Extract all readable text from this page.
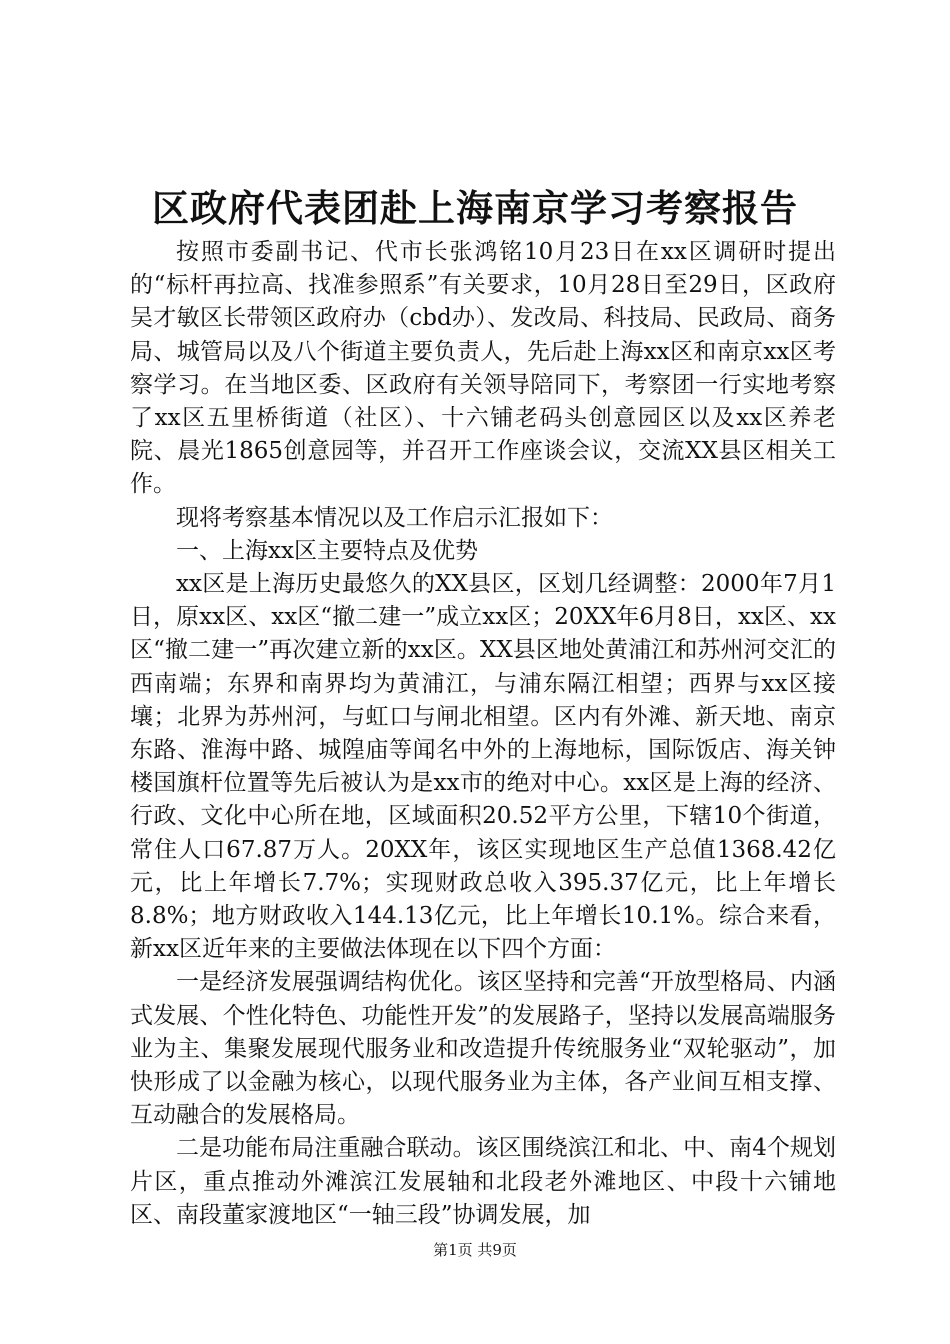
区政府代表团赴上海南京学习考察报告

按照市委副书记、代市长张鸿铭10月23日在xx区调研时提出的“标杆再拉高、找准参照系”有关要求，10月28日至29日，区政府吴才敏区长带领区政府办（cbd办）、发改局、科技局、民政局、商务局、城管局以及八个街道主要负责人，先后赴上海xx区和南京xx区考察学习。在当地区委、区政府有关领导陪同下，考察团一行实地考察了xx区五里桥街道（社区）、十六铺老码头创意园区以及xx区养老院、晨光1865创意园等，并召开工作座谈会议，交流XX县区相关工作。

现将考察基本情况以及工作启示汇报如下：

一、上海xx区主要特点及优势

xx区是上海历史最悠久的XX县区，区划几经调整：2000年7月1日，原xx区、xx区“撤二建一”成立xx区；20XX年6月8日，xx区、xx区“撤二建一”再次建立新的xx区。XX县区地处黄浦江和苏州河交汇的西南端；东界和南界均为黄浦江，与浦东隔江相望；西界与xx区接壤；北界为苏州河，与虹口与闸北相望。区内有外滩、新天地、南京东路、淮海中路、城隍庙等闻名中外的上海地标，国际饭店、海关钟楼国旗杆位置等先后被认为是xx市的绝对中心。xx区是上海的经济、行政、文化中心所在地，区域面积20.52平方公里，下辖10个街道，常住人口67.87万人。20XX年，该区实现地区生产总值1368.42亿元，比上年增长7.7%；实现财政总收入395.37亿元，比上年增长8.8%；地方财政收入144.13亿元，比上年增长10.1%。综合来看，新xx区近年来的主要做法体现在以下四个方面：

一是经济发展强调结构优化。该区坚持和完善“开放型格局、内涵式发展、个性化特色、功能性开发”的发展路子，坚持以发展高端服务业为主、集聚发展现代服务业和改造提升传统服务业“双轮驱动”，加快形成了以金融为核心，以现代服务业为主体，各产业间互相支撑、互动融合的发展格局。

二是功能布局注重融合联动。该区围绕滨江和北、中、南4个规划片区，重点推动外滩滨江发展轴和北段老外滩地区、中段十六铺地区、南段董家渡地区“一轴三段”协调发展，加

第1页 共9页
